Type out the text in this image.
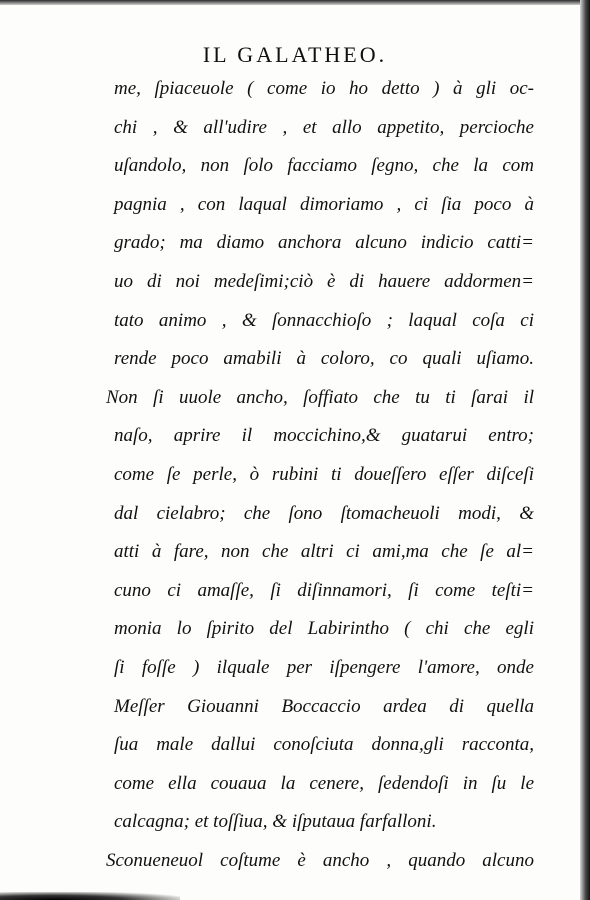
IL GALATHEO.
me, ſpiaceuole ( come io ho detto ) à gli oc-
chi , & all'udire , et allo appetito, percioche
uſandolo, non ſolo facciamo ſegno, che la com
pagnia , con laqual dimoriamo , ci ſia poco à
grado; ma diamo anchora alcuno indicio catti=
uo di noi medeſimi;ciò è di hauere addormen=
tato animo , & ſonnacchioſo ; laqual coſa ci
rende poco amabili à coloro, co quali uſiamo.
Non ſi uuole ancho, ſoffiato che tu ti ſarai il
naſo, aprire il moccichino,& guatarui entro;
come ſe perle, ò rubini ti doueſſero eſſer diſceſi
dal cielabro; che ſono ſtomacheuoli modi, &
atti à fare, non che altri ci ami,ma che ſe al=
cuno ci amaſſe, ſi diſinnamori, ſi come teſti=
monia lo ſpirito del Labirintho ( chi che egli
ſi foſſe ) ilquale per iſpengere l'amore, onde
Meſſer Giouanni Boccaccio ardea di quella
ſua male dallui conoſciuta donna,gli racconta,
come ella couaua la cenere, ſedendoſi in ſu le
calcagna; et toſſiua, & iſputaua farfalloni.
Sconueneuol coſtume è ancho , quando alcuno
